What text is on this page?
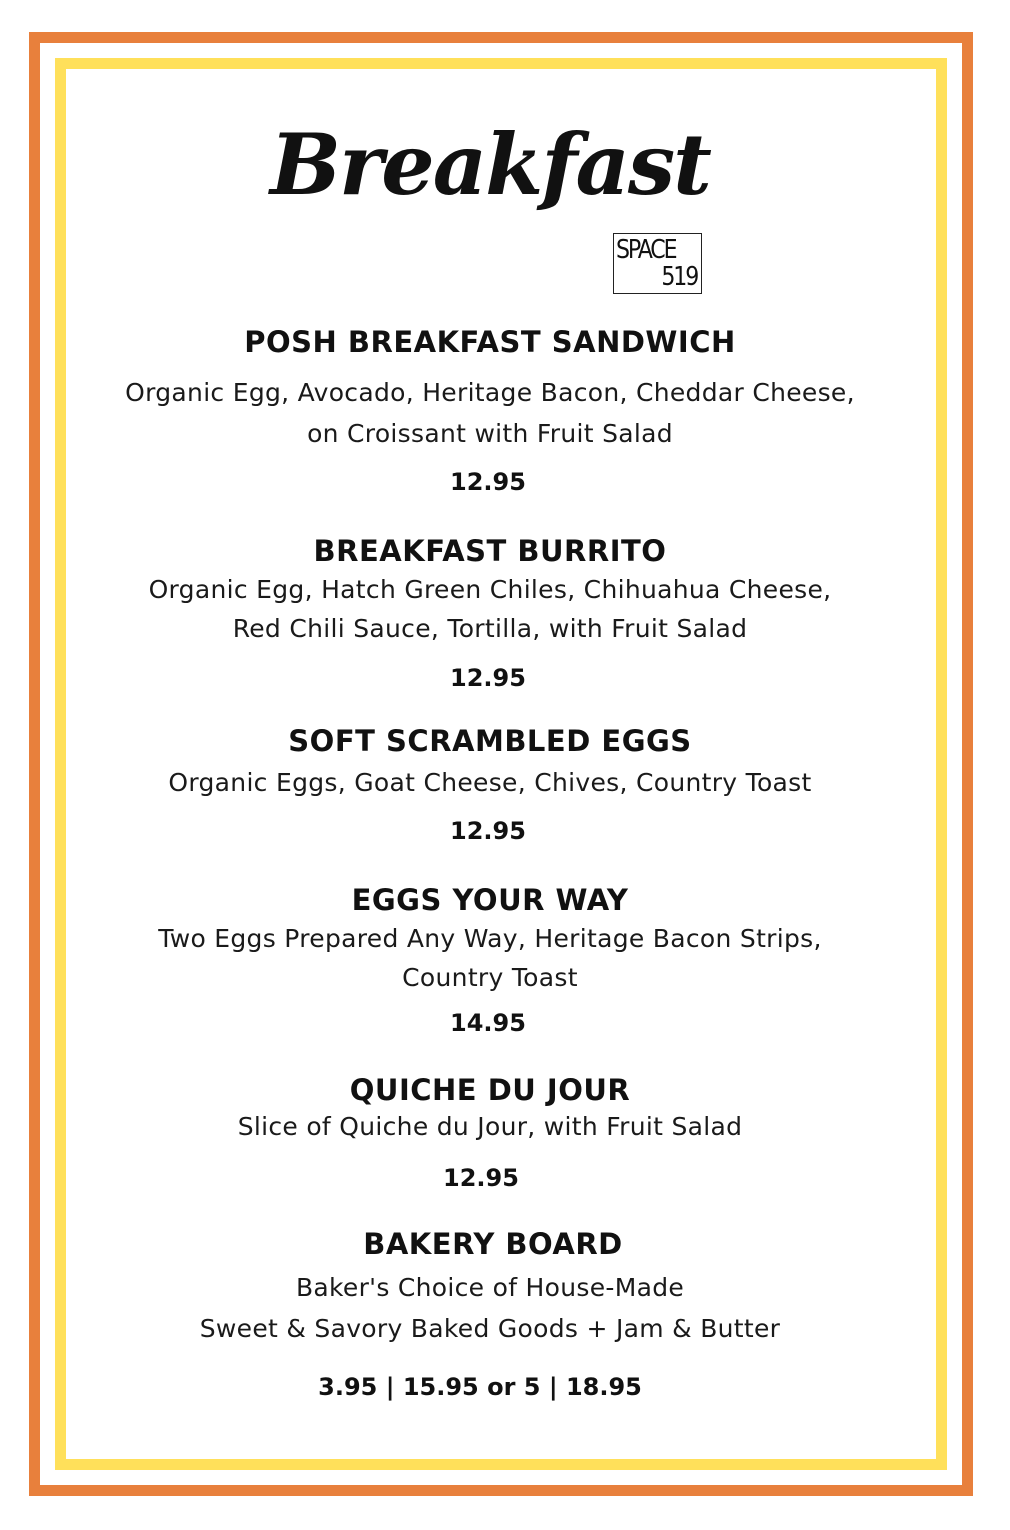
Breakfast
SPACE
519
POSH BREAKFAST SANDWICH
Organic Egg, Avocado, Heritage Bacon, Cheddar Cheese,
on Croissant with Fruit Salad
12.95
BREAKFAST BURRITO
Organic Egg, Hatch Green Chiles, Chihuahua Cheese,
Red Chili Sauce, Tortilla, with Fruit Salad
12.95
SOFT SCRAMBLED EGGS
Organic Eggs, Goat Cheese, Chives, Country Toast
12.95
EGGS YOUR WAY
Two Eggs Prepared Any Way, Heritage Bacon Strips,
Country Toast
14.95
QUICHE DU JOUR
Slice of Quiche du Jour, with Fruit Salad
12.95
BAKERY BOARD
Baker's Choice of House-Made
Sweet & Savory Baked Goods + Jam & Butter
3.95 | 15.95 or 5 | 18.95
